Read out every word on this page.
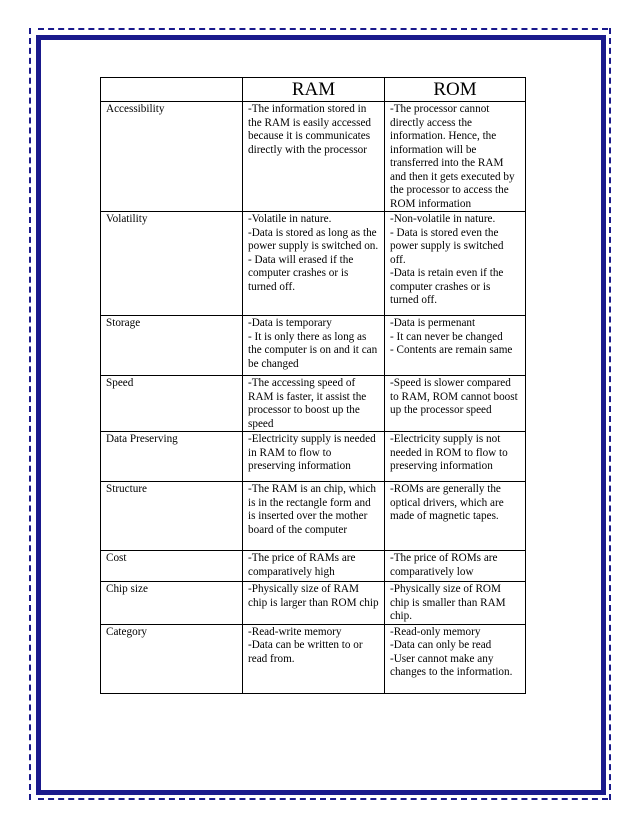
	RAM	ROM
Accessibility	-The information stored in the RAM is easily accessed because it is communicates directly with the processor	-The processor cannot directly access the information. Hence, the information will be transferred into the RAM and then it gets executed by the processor to access the ROM information

Volatility	-Volatile in nature.
-Data is stored as long as the power supply is switched on.
- Data will erased if the computer crashes or is turned off.	-Non-volatile in nature.
- Data is stored even the power supply is switched off.
-Data is retain even if the computer crashes or is turned off.

Storage	-Data is temporary
- It is only there as long as the computer is on and it can be changed	-Data is permenant
- It can never be changed
- Contents are remain same

Speed	-The accessing speed of RAM is faster, it assist the processor to boost up the speed	-Speed is slower compared to RAM, ROM cannot boost up the processor speed

Data Preserving	-Electricity supply is needed in RAM to flow to preserving information	-Electricity supply is not needed in ROM to flow to preserving information

Structure	-The RAM is an chip, which is in the rectangle form and is inserted over the mother board of the computer	-ROMs are generally the optical drivers, which are made of magnetic tapes.

Cost	-The price of RAMs are comparatively high	-The price of ROMs are comparatively low

Chip size	-Physically size of RAM chip is larger than ROM chip	-Physically size of ROM chip is smaller than RAM chip.

Category	-Read-write memory
-Data can be written to or read from.	-Read-only memory
-Data can only be read
-User cannot make any changes to the information.
